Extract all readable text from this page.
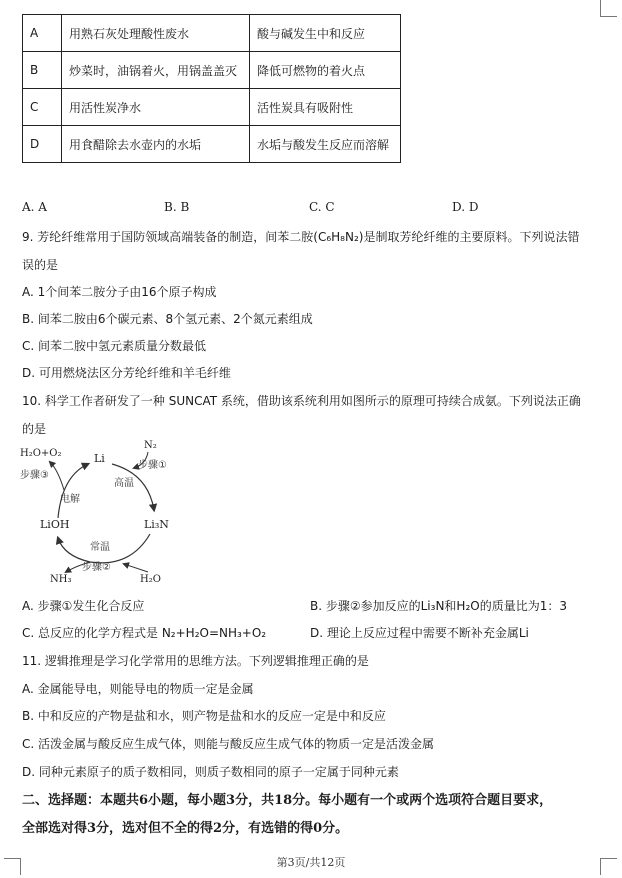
A	用熟石灰处理酸性废水	酸与碱发生中和反应
B	炒菜时，油锅着火，用锅盖盖灭	降低可燃物的着火点
C	用活性炭净水	活性炭具有吸附性
D	用食醋除去水壶内的水垢	水垢与酸发生反应而溶解
A. A	B. B	C. C	D. D
9. 芳纶纤维常用于国防领域高端装备的制造，间苯二胺(C₆H₈N₂)是制取芳纶纤维的主要原料。下列说法错
误的是
A. 1个间苯二胺分子由16个原子构成
B. 间苯二胺由6个碳元素、8个氢元素、2个氮元素组成
C. 间苯二胺中氢元素质量分数最低
D. 可用燃烧法区分芳纶纤维和羊毛纤维
10. 科学工作者研发了一种 SUNCAT 系统，借助该系统利用如图所示的原理可持续合成氨。下列说法正确
的是
H₂O+O₂	Li
N₂
步骤①
高温
步骤③
电解
LiOH	Li₃N
常温
NH₃
步骤②
H₂O
A. 步骤①发生化合反应	B. 步骤②参加反应的Li₃N和H₂O的质量比为1：3
C. 总反应的化学方程式是 N₂+H₂O=NH₃+O₂	D. 理论上反应过程中需要不断补充金属Li
11. 逻辑推理是学习化学常用的思维方法。下列逻辑推理正确的是
A. 金属能导电，则能导电的物质一定是金属
B. 中和反应的产物是盐和水，则产物是盐和水的反应一定是中和反应
C. 活泼金属与酸反应生成气体，则能与酸反应生成气体的物质一定是活泼金属
D. 同种元素原子的质子数相同，则质子数相同的原子一定属于同种元素
二、选择题：本题共6小题，每小题3分，共18分。每小题有一个或两个选项符合题目要求，
全部选对得3分，选对但不全的得2分，有选错的得0分。
第3页/共12页
